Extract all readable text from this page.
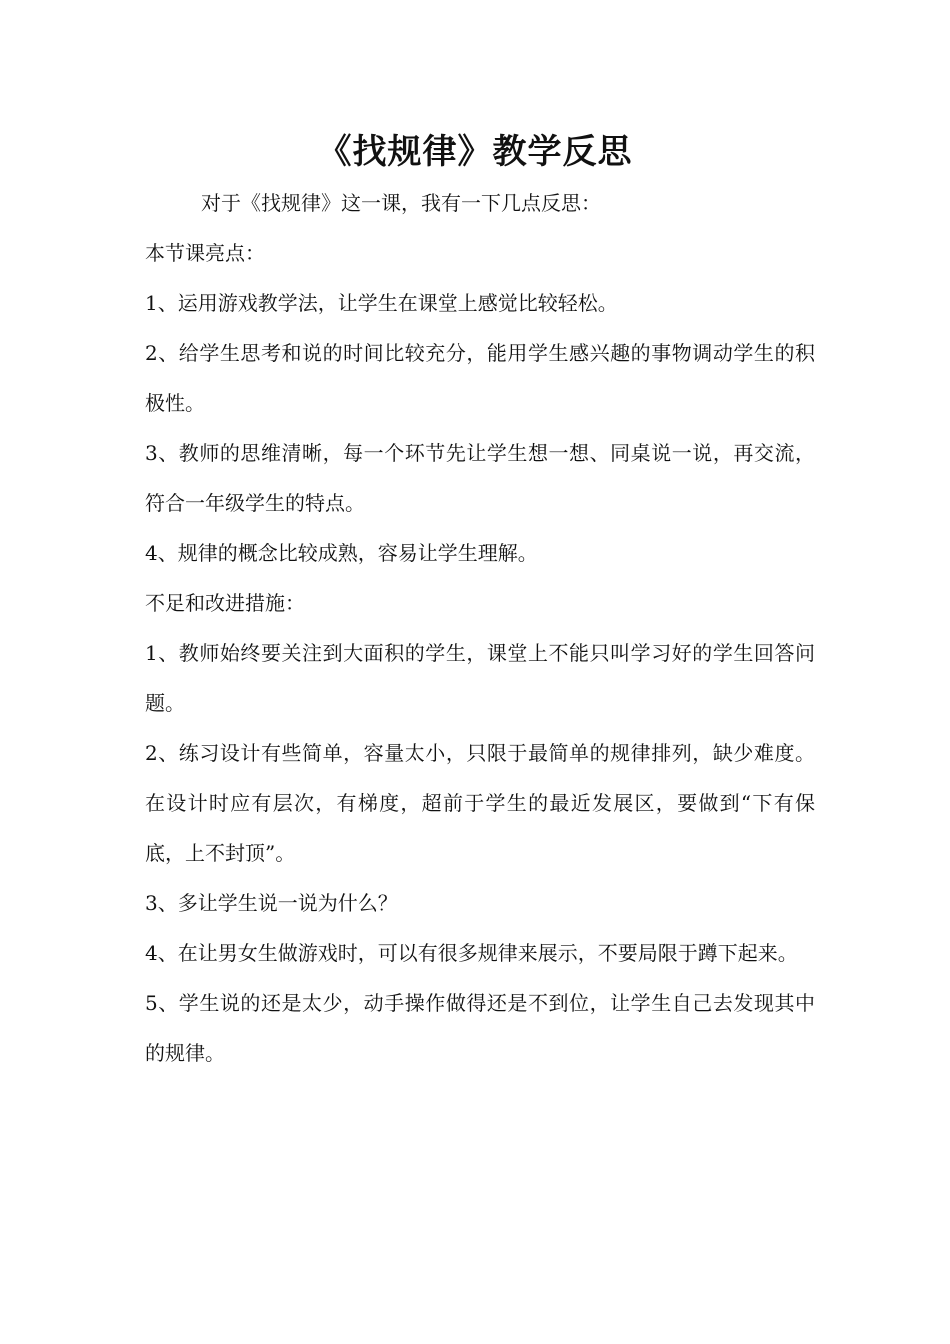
《找规律》教学反思

对于《找规律》这一课，我有一下几点反思：

本节课亮点：

1、运用游戏教学法，让学生在课堂上感觉比较轻松。

2、给学生思考和说的时间比较充分，能用学生感兴趣的事物调动学生的积极性。

3、教师的思维清晰，每一个环节先让学生想一想、同桌说一说，再交流，符合一年级学生的特点。

4、规律的概念比较成熟，容易让学生理解。

不足和改进措施：

1、教师始终要关注到大面积的学生，课堂上不能只叫学习好的学生回答问题。

2、练习设计有些简单，容量太小，只限于最简单的规律排列，缺少难度。在设计时应有层次，有梯度，超前于学生的最近发展区，要做到“下有保底，上不封顶”。

3、多让学生说一说为什么？

4、在让男女生做游戏时，可以有很多规律来展示，不要局限于蹲下起来。

5、学生说的还是太少，动手操作做得还是不到位，让学生自己去发现其中的规律。
